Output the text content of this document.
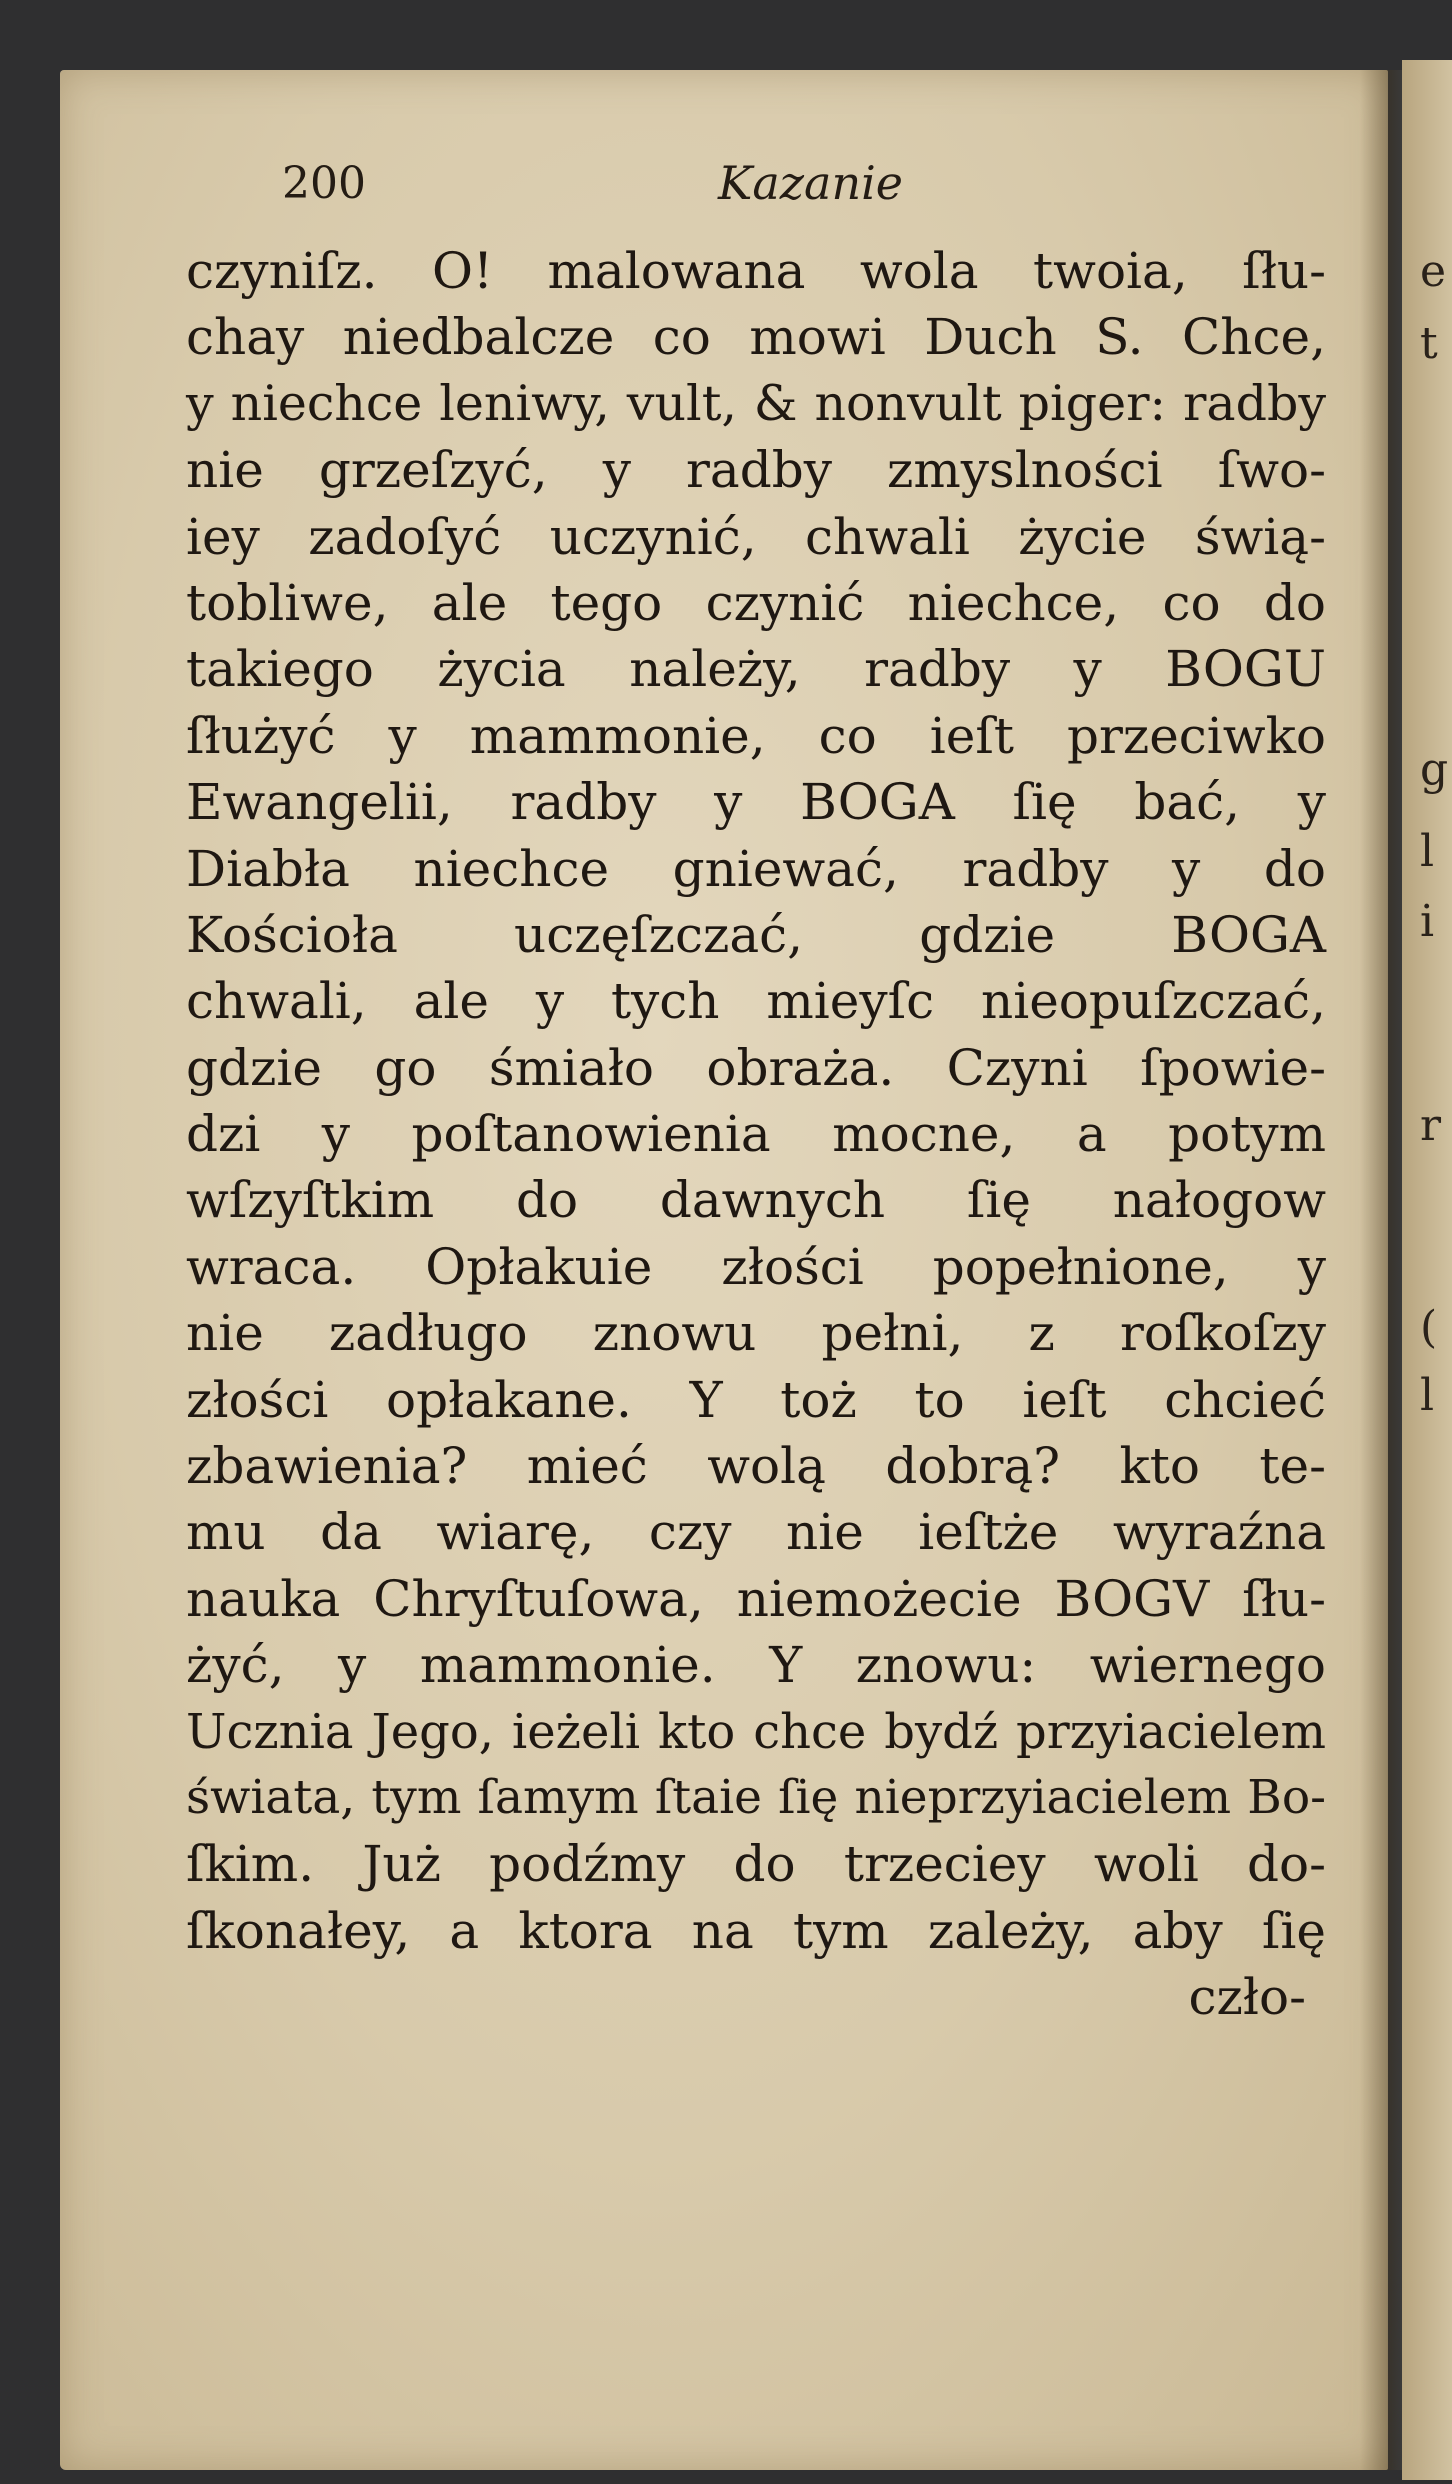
e
t
g
l
i
r
(
l
200	Kazanie
czyniſz. O! malowana wola twoia, ſłu-
chay niedbalcze co mowi Duch S. Chce,
y niechce leniwy, vult, & nonvult piger: radby
nie grzeſzyć, y radby zmyslności ſwo-
iey zadoſyć uczynić, chwali życie świą-
tobliwe, ale tego czynić niechce, co do
takiego życia należy, radby y BOGU
ſłużyć y mammonie, co ieſt przeciwko
Ewangelii, radby y BOGA ſię bać, y
Diabła niechce gniewać, radby y do
Kościoła uczęſzczać, gdzie BOGA
chwali, ale y tych mieyſc nieopuſzczać,
gdzie go śmiało obraża. Czyni ſpowie-
dzi y poſtanowienia mocne, a potym
wſzyſtkim do dawnych ſię nałogow
wraca. Opłakuie złości popełnione, y
nie zadługo znowu pełni, z roſkoſzy
złości opłakane. Y toż to ieſt chcieć
zbawienia? mieć wolą dobrą? kto te-
mu da wiarę, czy nie ieſtże wyraźna
nauka Chryſtuſowa, niemożecie BOGV ſłu-
żyć, y mammonie. Y znowu: wiernego
Ucznia Jego, ieżeli kto chce bydź przyiacielem
świata, tym ſamym ſtaie ſię nieprzyiacielem Bo-
ſkim. Już podźmy do trzeciey woli do-
ſkonałey, a ktora na tym zależy, aby ſię
czło-
